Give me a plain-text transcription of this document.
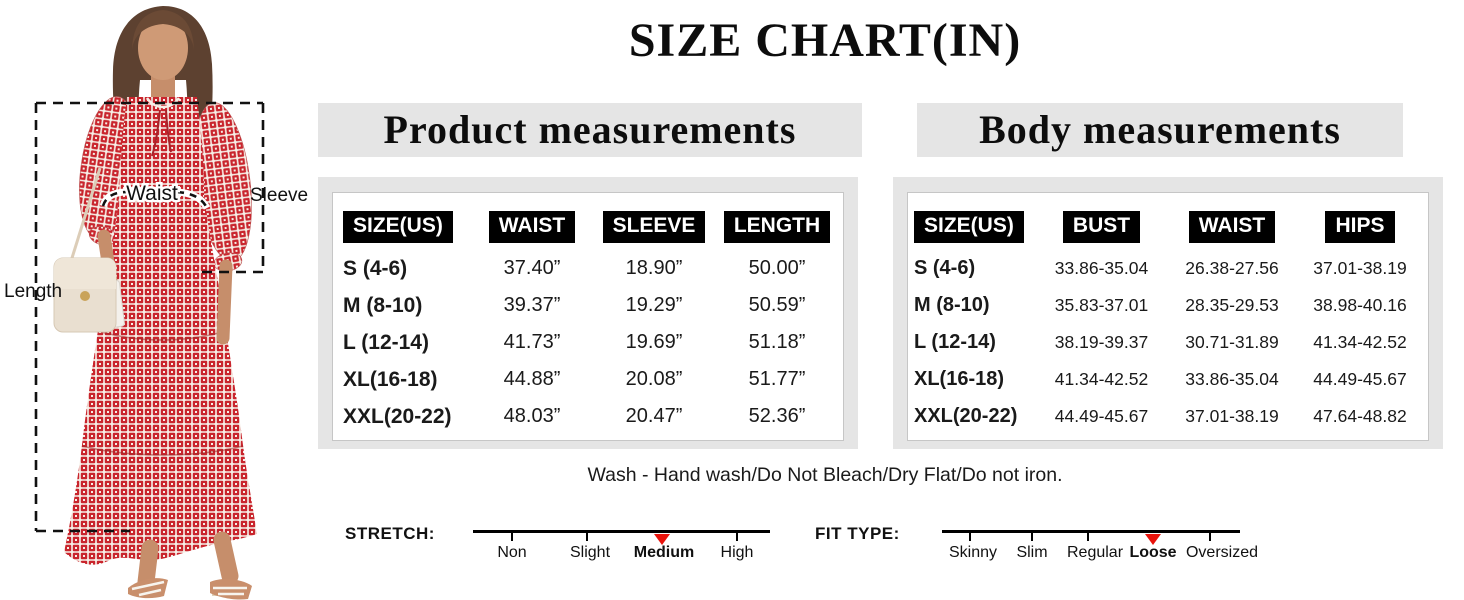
Waist	Sleeve
Length
SIZE CHART(IN)
Product measurements	Body measurements
SIZE(US)	WAIST	SLEEVE	LENGTH
S (4-6)	37.40”	18.90”	50.00”
M (8-10)	39.37”	19.29”	50.59”
L (12-14)	41.73”	19.69”	51.18”
XL(16-18)	44.88”	20.08”	51.77”
XXL(20-22)	48.03”	20.47”	52.36”
SIZE(US)	BUST	WAIST	HIPS
S (4-6)	33.86-35.04	26.38-27.56	37.01-38.19
M (8-10)	35.83-37.01	28.35-29.53	38.98-40.16
L (12-14)	38.19-39.37	30.71-31.89	41.34-42.52
XL(16-18)	41.34-42.52	33.86-35.04	44.49-45.67
XXL(20-22)	44.49-45.67	37.01-38.19	47.64-48.82
Wash - Hand wash/Do Not Bleach/Dry Flat/Do not iron.
STRETCH:
Non	Slight Medium High
FIT TYPE:
Skinny Slim Regular Loose Oversized
